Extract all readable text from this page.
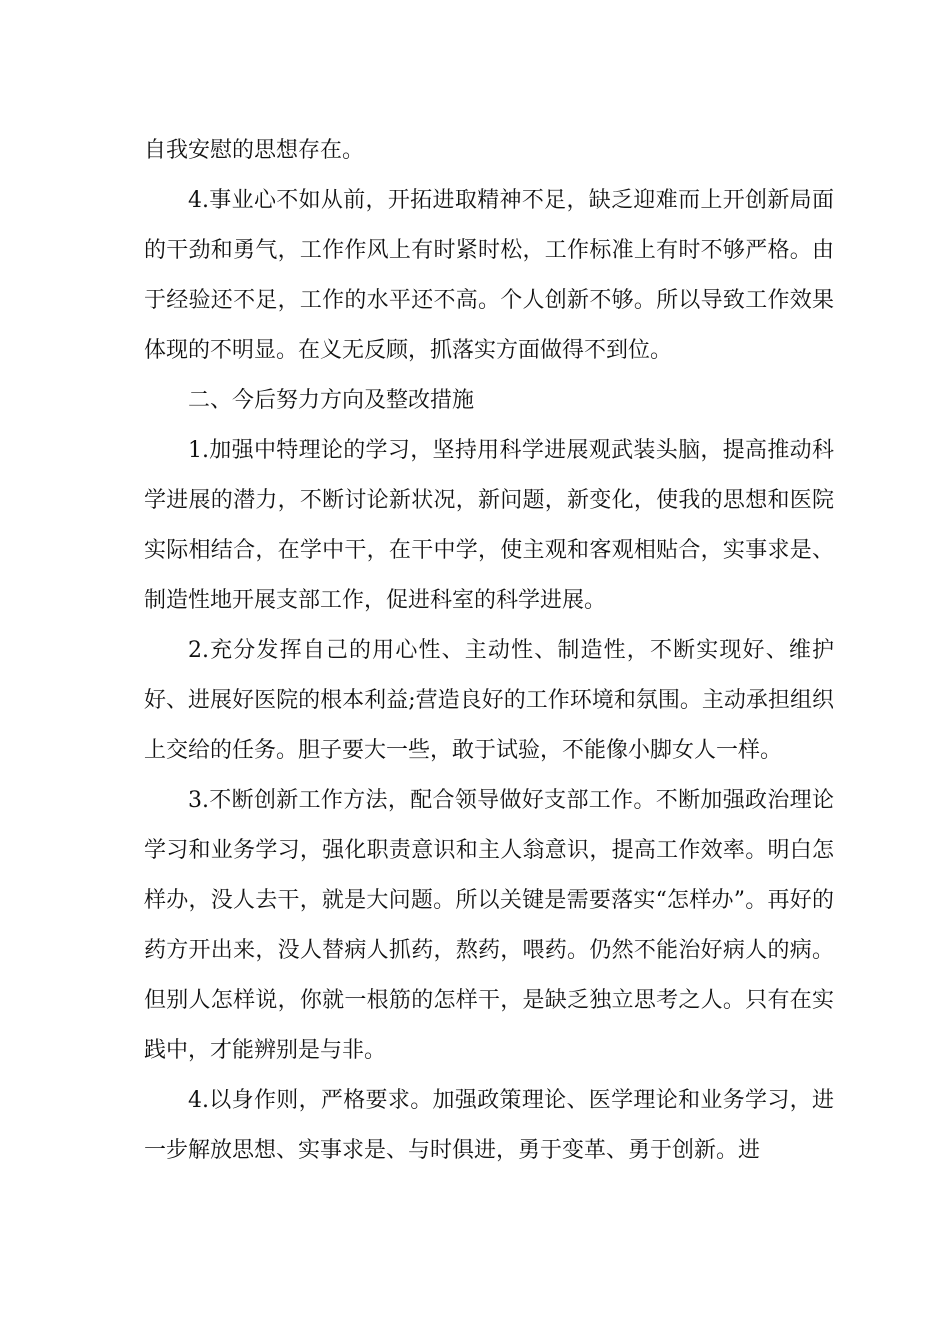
自我安慰的思想存在。

4.事业心不如从前，开拓进取精神不足，缺乏迎难而上开创新局面的干劲和勇气，工作作风上有时紧时松，工作标准上有时不够严格。由于经验还不足，工作的水平还不高。个人创新不够。所以导致工作效果体现的不明显。在义无反顾，抓落实方面做得不到位。

二、今后努力方向及整改措施

1.加强中特理论的学习，坚持用科学进展观武装头脑，提高推动科学进展的潜力，不断讨论新状况，新问题，新变化，使我的思想和医院实际相结合，在学中干，在干中学，使主观和客观相贴合，实事求是、制造性地开展支部工作，促进科室的科学进展。

2.充分发挥自己的用心性、主动性、制造性，不断实现好、维护好、进展好医院的根本利益;营造良好的工作环境和氛围。主动承担组织上交给的任务。胆子要大一些，敢于试验，不能像小脚女人一样。

3.不断创新工作方法，配合领导做好支部工作。不断加强政治理论学习和业务学习，强化职责意识和主人翁意识，提高工作效率。明白怎样办，没人去干，就是大问题。所以关键是需要落实“怎样办”。再好的药方开出来，没人替病人抓药，熬药，喂药。仍然不能治好病人的病。但别人怎样说，你就一根筋的怎样干，是缺乏独立思考之人。只有在实践中，才能辨别是与非。

4.以身作则，严格要求。加强政策理论、医学理论和业务学习，进一步解放思想、实事求是、与时俱进，勇于变革、勇于创新。进
